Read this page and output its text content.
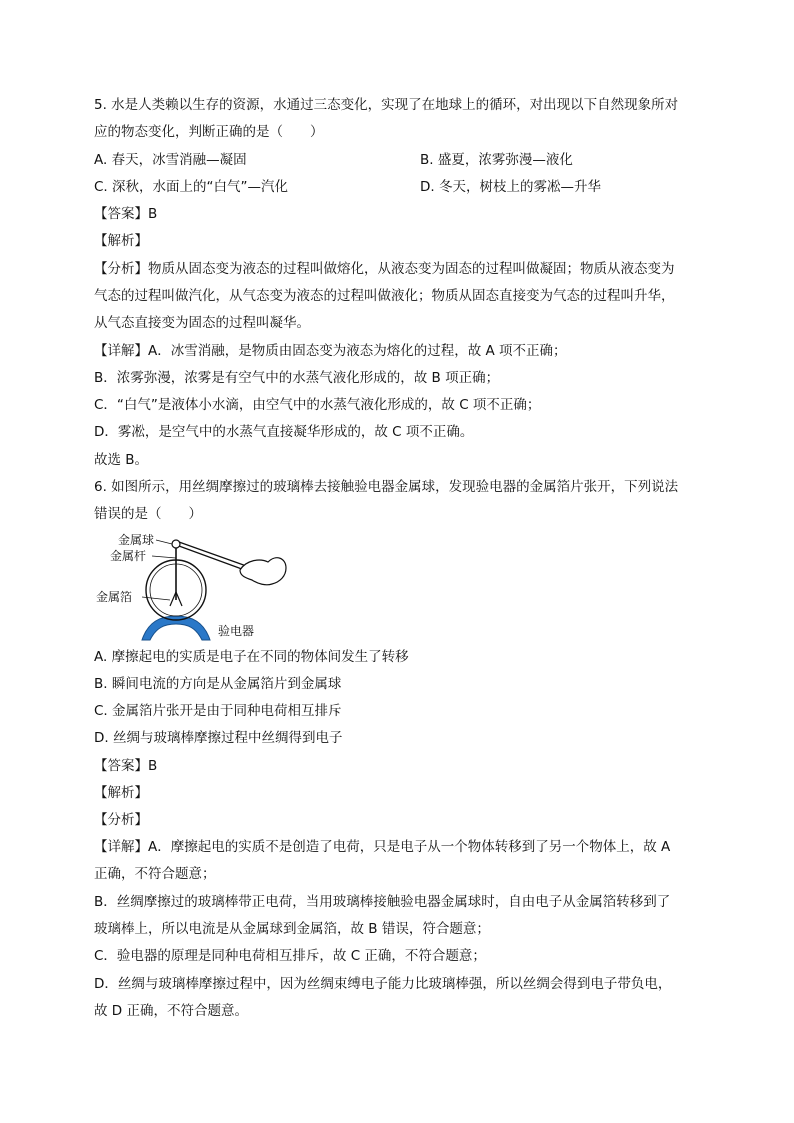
5. 水是人类赖以生存的资源，水通过三态变化，实现了在地球上的循环，对出现以下自然现象所对
应的物态变化，判断正确的是（　　）
A. 春天，冰雪消融—凝固	B. 盛夏，浓雾弥漫—液化
C. 深秋，水面上的“白气”—汽化	D. 冬天，树枝上的雾凇—升华
【答案】B
【解析】
【分析】物质从固态变为液态的过程叫做熔化，从液态变为固态的过程叫做凝固；物质从液态变为
气态的过程叫做汽化，从气态变为液态的过程叫做液化；物质从固态直接变为气态的过程叫升华，
从气态直接变为固态的过程叫凝华。
【详解】A．冰雪消融，是物质由固态变为液态为熔化的过程，故 A 项不正确；
B．浓雾弥漫，浓雾是有空气中的水蒸气液化形成的，故 B 项正确；
C．“白气”是液体小水滴，由空气中的水蒸气液化形成的，故 C 项不正确；
D．雾凇，是空气中的水蒸气直接凝华形成的，故 C 项不正确。
故选 B。
6. 如图所示，用丝绸摩擦过的玻璃棒去接触验电器金属球，发现验电器的金属箔片张开，下列说法
错误的是（　　）
金属球
金属杆
金属箔
验电器
A. 摩擦起电的实质是电子在不同的物体间发生了转移
B. 瞬间电流的方向是从金属箔片到金属球
C. 金属箔片张开是由于同种电荷相互排斥
D. 丝绸与玻璃棒摩擦过程中丝绸得到电子
【答案】B
【解析】
【分析】
【详解】A．摩擦起电的实质不是创造了电荷，只是电子从一个物体转移到了另一个物体上，故 A
正确，不符合题意；
B．丝绸摩擦过的玻璃棒带正电荷，当用玻璃棒接触验电器金属球时，自由电子从金属箔转移到了
玻璃棒上，所以电流是从金属球到金属箔，故 B 错误，符合题意；
C．验电器的原理是同种电荷相互排斥，故 C 正确，不符合题意；
D．丝绸与玻璃棒摩擦过程中，因为丝绸束缚电子能力比玻璃棒强，所以丝绸会得到电子带负电，
故 D 正确，不符合题意。
